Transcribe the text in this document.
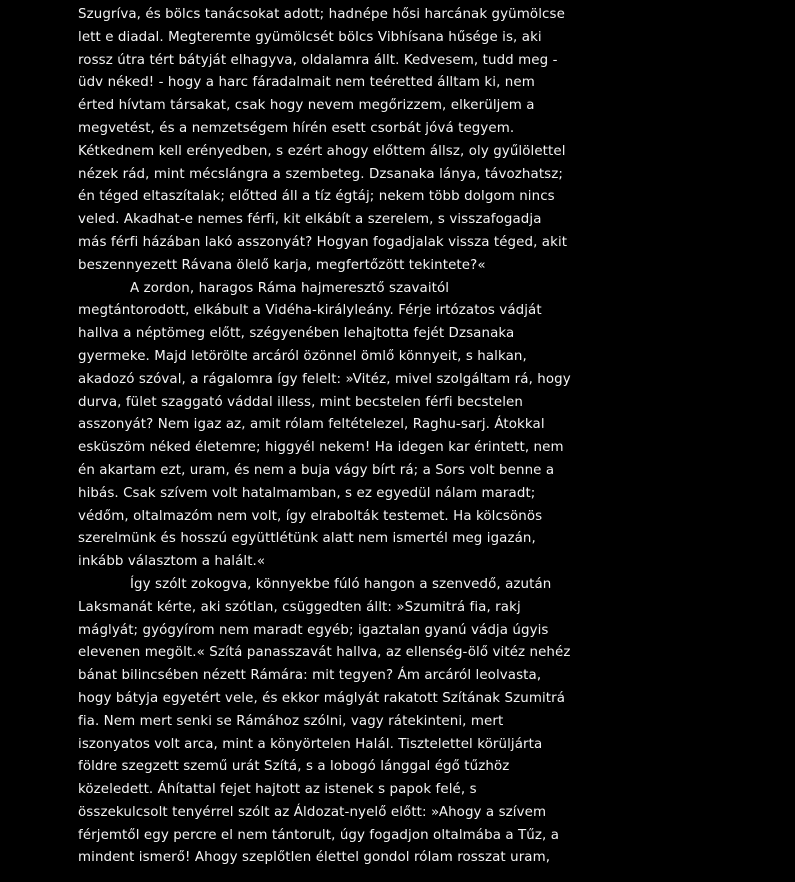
Szugríva, és bölcs tanácsokat adott; hadnépe hősi harcának gyümölcse
lett e diadal. Megteremte gyümölcsét bölcs Vibhísana hűsége is, aki
rossz útra tért bátyját elhagyva, oldalamra állt. Kedvesem, tudd meg -
üdv néked! - hogy a harc fáradalmait nem teéretted álltam ki, nem
érted hívtam társakat, csak hogy nevem megőrizzem, elkerüljem a
megvetést, és a nemzetségem hírén esett csorbát jóvá tegyem.
Kétkednem kell erényedben, s ezért ahogy előttem állsz, oly gyűlölettel
nézek rád, mint mécslángra a szembeteg. Dzsanaka lánya, távozhatsz;
én téged eltaszítalak; előtted áll a tíz égtáj; nekem több dolgom nincs
veled. Akadhat-e nemes férfi, kit elkábít a szerelem, s visszafogadja
más férfi házában lakó asszonyát? Hogyan fogadjalak vissza téged, akit
beszennyezett Rávana ölelő karja, megfertőzött tekintete?«
A zordon, haragos Ráma hajmeresztő szavaitól
megtántorodott, elkábult a Vidéha-királyleány. Férje irtózatos vádját
hallva a néptömeg előtt, szégyenében lehajtotta fejét Dzsanaka
gyermeke. Majd letörölte arcáról özönnel ömlő könnyeit, s halkan,
akadozó szóval, a rágalomra így felelt: »Vitéz, mivel szolgáltam rá, hogy
durva, fület szaggató váddal illess, mint becstelen férfi becstelen
asszonyát? Nem igaz az, amit rólam feltételezel, Raghu-sarj. Átokkal
esküszöm néked életemre; higgyél nekem! Ha idegen kar érintett, nem
én akartam ezt, uram, és nem a buja vágy bírt rá; a Sors volt benne a
hibás. Csak szívem volt hatalmamban, s ez egyedül nálam maradt;
védőm, oltalmazóm nem volt, így elrabolták testemet. Ha kölcsönös
szerelmünk és hosszú együttlétünk alatt nem ismertél meg igazán,
inkább választom a halált.«
Így szólt zokogva, könnyekbe fúló hangon a szenvedő, azután
Laksmanát kérte, aki szótlan, csüggedten állt: »Szumitrá fia, rakj
máglyát; gyógyírom nem maradt egyéb; igaztalan gyanú vádja úgyis
elevenen megölt.« Szítá panasszavát hallva, az ellenség-ölő vitéz nehéz
bánat bilincsében nézett Rámára: mit tegyen? Ám arcáról leolvasta,
hogy bátyja egyetért vele, és ekkor máglyát rakatott Szítának Szumitrá
fia. Nem mert senki se Rámához szólni, vagy rátekinteni, mert
iszonyatos volt arca, mint a könyörtelen Halál. Tisztelettel körüljárta
földre szegzett szemű urát Szítá, s a lobogó lánggal égő tűzhöz
közeledett. Áhítattal fejet hajtott az istenek s papok felé, s
összekulcsolt tenyérrel szólt az Áldozat-nyelő előtt: »Ahogy a szívem
férjemtől egy percre el nem tántorult, úgy fogadjon oltalmába a Tűz, a
mindent ismerő! Ahogy szeplőtlen élettel gondol rólam rosszat uram,
